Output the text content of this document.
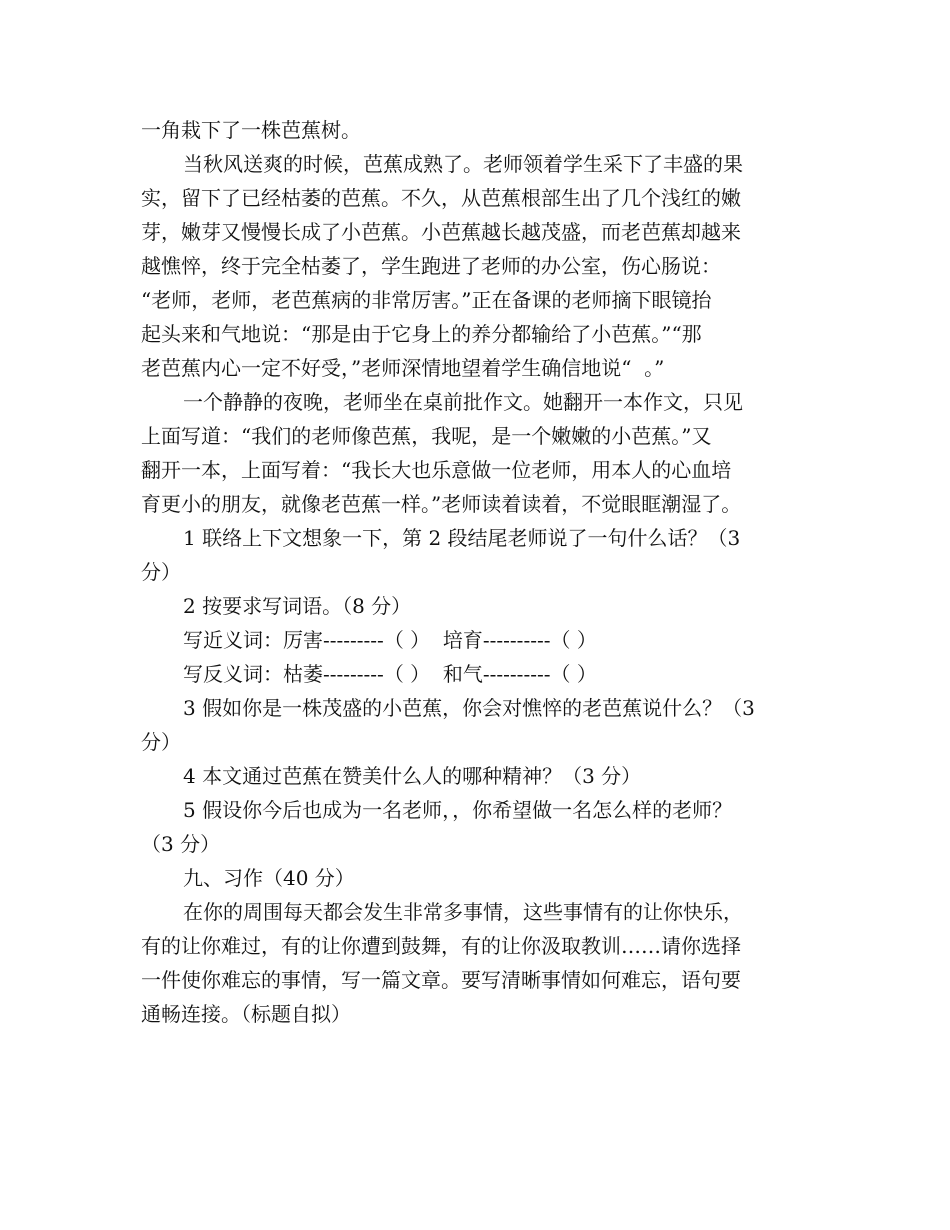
一角栽下了一株芭蕉树。
当秋风送爽的时候，芭蕉成熟了。老师领着学生采下了丰盛的果
实，留下了已经枯萎的芭蕉。不久，从芭蕉根部生出了几个浅红的嫩
芽，嫩芽又慢慢长成了小芭蕉。小芭蕉越长越茂盛，而老芭蕉却越来
越憔悴，终于完全枯萎了，学生跑进了老师的办公室，伤心肠说：
“老师，老师，老芭蕉病的非常厉害。”正在备课的老师摘下眼镜抬
起头来和气地说：“那是由于它身上的养分都输给了小芭蕉。”“那
老芭蕉内心一定不好受，”老师深情地望着学生确信地说“  。”
一个静静的夜晚，老师坐在桌前批作文。她翻开一本作文，只见
上面写道：“我们的老师像芭蕉，我呢，是一个嫩嫩的小芭蕉。”又
翻开一本，上面写着：“我长大也乐意做一位老师，用本人的心血培
育更小的朋友，就像老芭蕉一样。”老师读着读着，不觉眼眶潮湿了。
1 联络上下文想象一下，第 2 段结尾老师说了一句什么话？（3
分）
2 按要求写词语。（8 分）
写近义词：厉害---------（ ）  培育----------（ ）
写反义词：枯萎---------（ ）  和气----------（ ）
3 假如你是一株茂盛的小芭蕉，你会对憔悴的老芭蕉说什么？（3
分）
4 本文通过芭蕉在赞美什么人的哪种精神？（3 分）
5 假设你今后也成为一名老师，，你希望做一名怎么样的老师？
（3 分）
九、习作（40 分）
在你的周围每天都会发生非常多事情，这些事情有的让你快乐，
有的让你难过，有的让你遭到鼓舞，有的让你汲取教训……请你选择
一件使你难忘的事情，写一篇文章。要写清晰事情如何难忘，语句要
通畅连接。（标题自拟）
